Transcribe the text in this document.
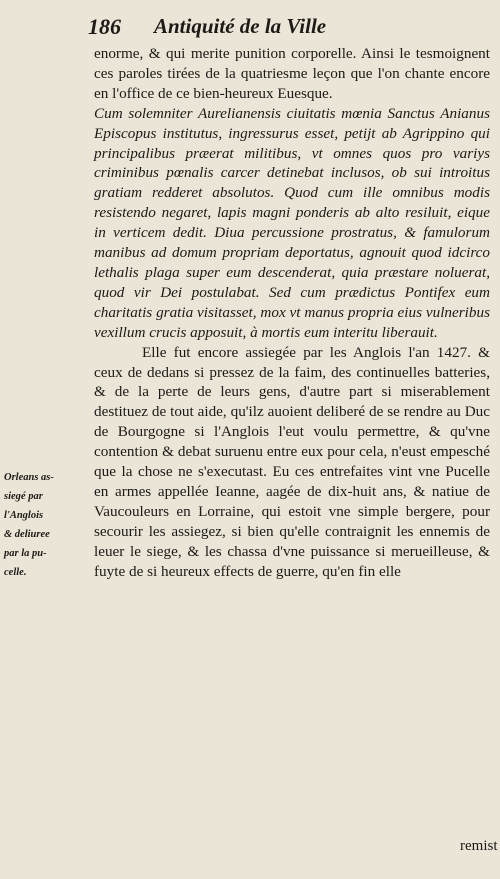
186 Antiquité de la Ville

enorme, & qui merite punition corporelle. Ainsi le tesmoignent ces paroles tirées de la quatriesme leçon que l'on chante encore en l'office de ce bien-heureux Euesque.

Cum solemniter Aurelianensis ciuitatis mœnia Sanctus Anianus Episcopus institutus, ingressurus esset, petijt ab Agrippino qui principalibus præerat militibus, vt omnes quos pro variys criminibus pœnalis carcer detinebat inclusos, ob sui introitus gratiam redderet absolutos. Quod cum ille omnibus modis resistendo negaret, lapis magni ponderis ab alto resiluit, eique in verticem dedit. Diua percussione prostratus, & famulorum manibus ad domum propriam deportatus, agnouit quod idcirco lethalis plaga super eum descenderat, quia præstare noluerat, quod vir Dei postulabat. Sed cum prædictus Pontifex eum charitatis gratia visitasset, mox vt manus propria eius vulneribus vexillum crucis apposuit, à mortis eum interitu liberauit.

Elle fut encore assiegée par les Anglois l'an 1427. & ceux de dedans si pressez de la faim, des continuelles batteries, & de la perte de leurs gens, d'autre part si miserablement destituez de tout aide, qu'ilz auoient deliberé de se rendre au Duc de Bourgogne si l'Anglois l'eut voulu permettre, & qu'vne contention & debat suruenu entre eux pour cela, n'eust empesché que la chose ne s'executast. Eu ces entrefaites vint vne Pucelle en armes appellée Ieanne, aagée de dix-huit ans, & natiue de Vaucouleurs en Lorraine, qui estoit vne simple bergere, pour secourir les assiegez, si bien qu'elle contraignit les ennemis de leuer le siege, & les chassa d'vne puissance si merueilleuse, & fuyte de si heureux effects de guerre, qu'en fin elle

Orleans as-
siegé par
l'Anglois
& deliuree
par la pu-
celle.
remist
